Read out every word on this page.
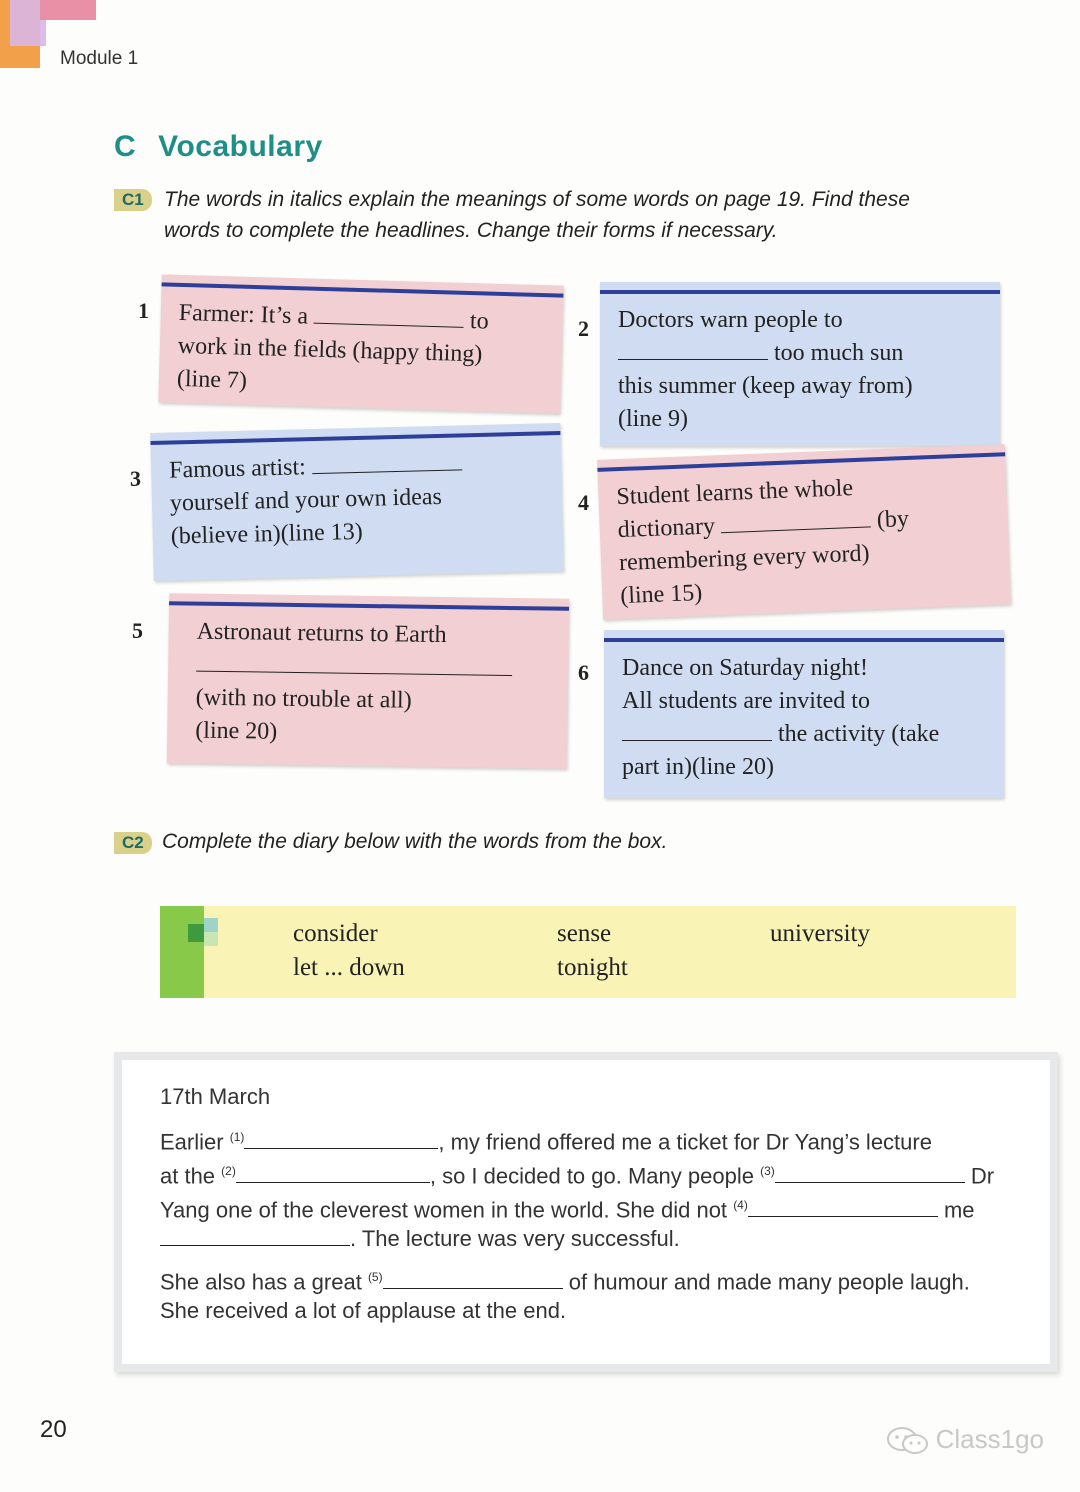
Module 1
C Vocabulary
C1 The words in italics explain the meanings of some words on page 19. Find these
words to complete the headlines. Change their forms if necessary.
1 Farmer: It’s a	to
work in the fields (happy thing)
(line 7)
2 Doctors warn people to
too much sun
this summer (keep away from)
(line 9)
3 Famous artist:
yourself and your own ideas
(believe in)(line 13)
4 Student learns the whole
dictionary	(by
remembering every word)
(line 15)
5 Astronaut returns to Earth
(with no trouble at all)
(line 20)
6 Dance on Saturday night!
All students are invited to
the activity (take
part in)(line 20)
C2 Complete the diary below with the words from the box.
consider
let ... down
sense
tonight
university
17th March
Earlier $^{(1)}$	, my friend offered me a ticket for Dr Yang’s lecture
at the $^{(2)}$	, so I decided to go. Many people $^{(3)}$	Dr
Yang one of the cleverest women in the world. She did not $^{(4)}$	me
. The lecture was very successful.
She also has a great $^{(5)}$	of humour and made many people laugh.
She received a lot of applause at the end.
20	Class1go
